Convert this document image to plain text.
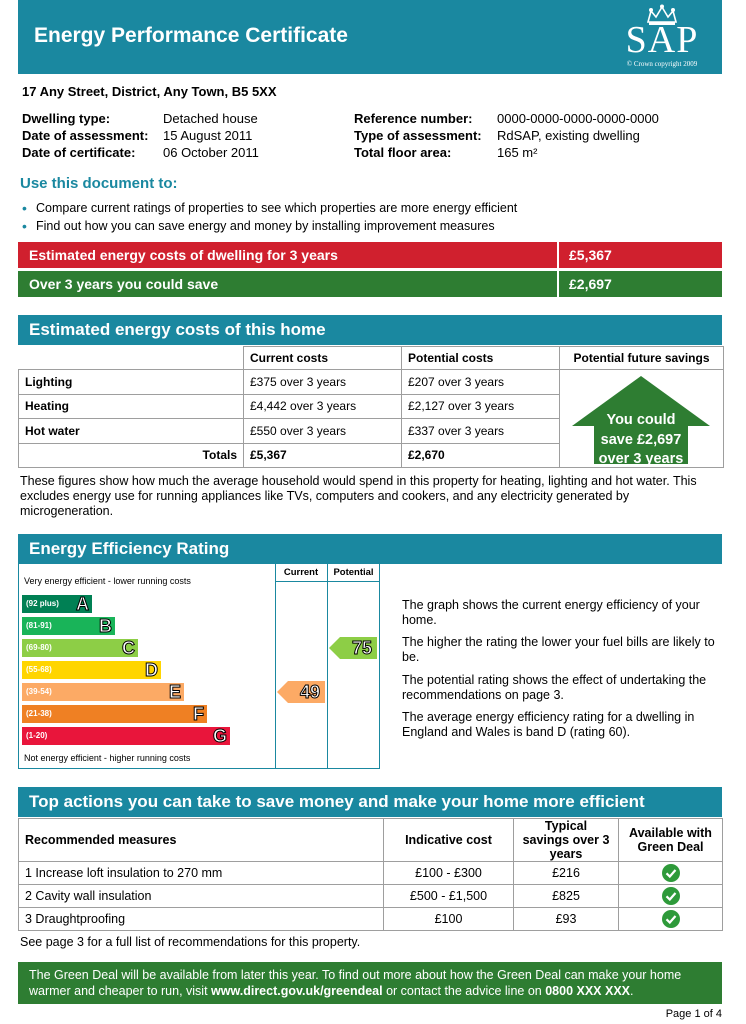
Energy Performance Certificate	SAP
© Crown copyright 2009
17 Any Street, District, Any Town, B5 5XX
Dwelling type:	Detached house
Date of assessment:	15 August 2011
Date of certificate:	06 October 2011
Reference number:	0000-0000-0000-0000-0000
Type of assessment:	RdSAP, existing dwelling
Total floor area:	165 m²
Use this document to:
• Compare current ratings of properties to see which properties are more energy efficient
• Find out how you can save energy and money by installing improvement measures
Estimated energy costs of dwelling for 3 years	£5,367
Over 3 years you could save	£2,697
Estimated energy costs of this home
	Current costs	Potential costs	Potential future savings
Lighting	£375 over 3 years	£207 over 3 years	You could
save £2,697
over 3 years

Heating	£4,442 over 3 years	£2,127 over 3 years	
Hot water	£550 over 3 years	£337 over 3 years	
Totals	£5,367	£2,670	
These figures show how much the average household would spend in this property for heating, lighting and hot water. This excludes energy use for running appliances like TVs, computers and cookers, and any electricity generated by microgeneration.
Energy Efficiency Rating
Current	Potential
Very energy efficient - lower running costs
Not energy efficient - higher running costs
(92 plus) A
(81-91)	B
(69-80)	C
(55-68)	D
(39-54)	E
(21-38)	F
(1-20)	G
49
75
The graph shows the current energy efficiency of your home.
The higher the rating the lower your fuel bills are likely to be.
The potential rating shows the effect of undertaking the recommendations on page 3.
The average energy efficiency rating for a dwelling in England and Wales is band D (rating 60).
Top actions you can take to save money and make your home more efficient
Recommended measures	Indicative cost	Typical savings over 3 years	Available with Green Deal
1 Increase loft insulation to 270 mm	£100 - £300	£216	
2 Cavity wall insulation	£500 - £1,500	£825	
3 Draughtproofing	£100	£93	
See page 3 for a full list of recommendations for this property.
The Green Deal will be available from later this year. To find out more about how the Green Deal can make your home warmer and cheaper to run, visit www.direct.gov.uk/greendeal or contact the advice line on 0800 XXX XXX.
Page 1 of 4
